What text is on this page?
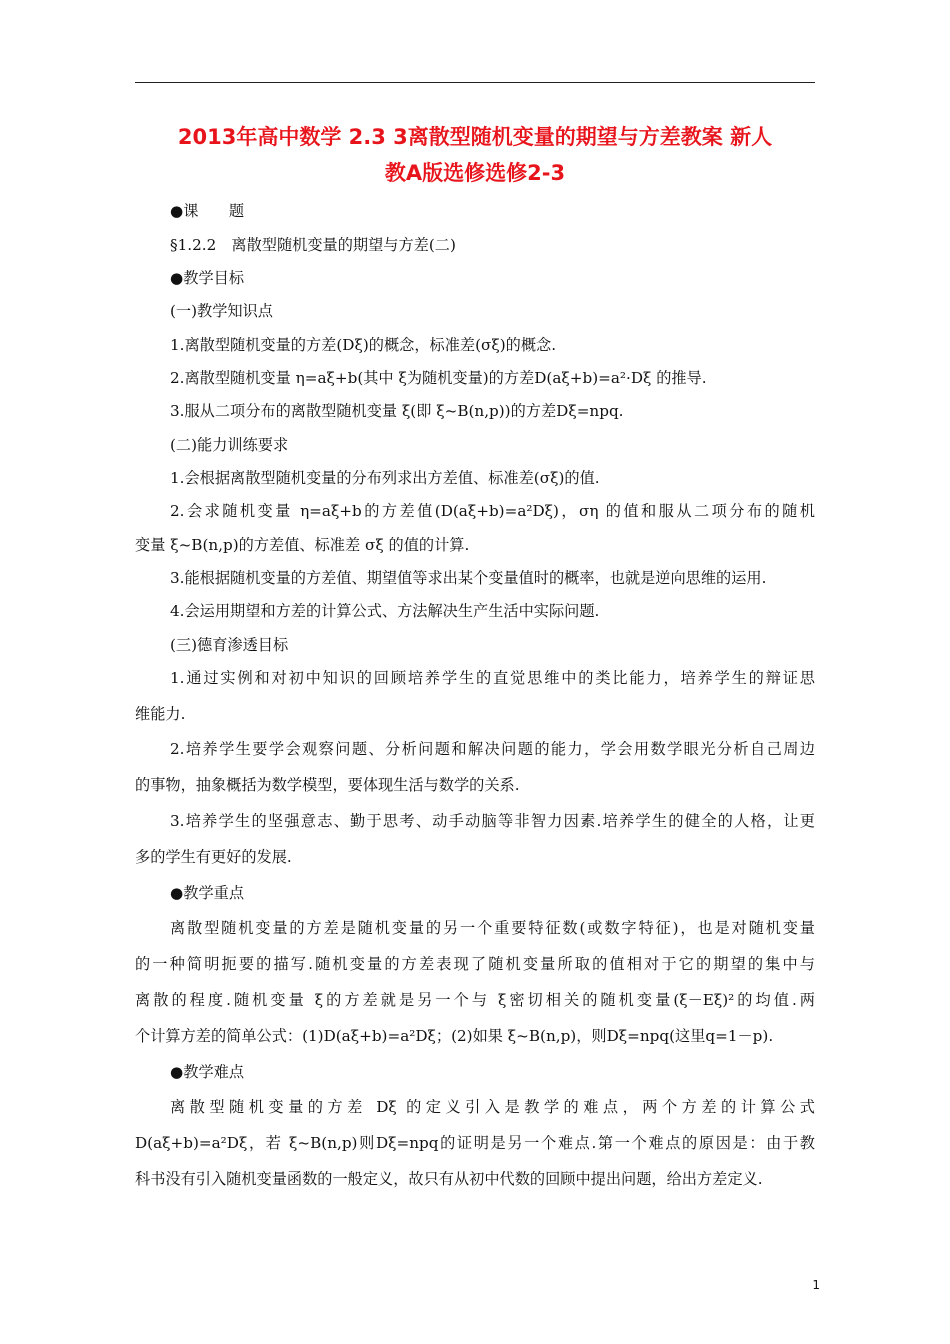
2013年高中数学 2.3 3离散型随机变量的期望与方差教案 新人
教A版选修选修2-3
●课　　题
§1.2.2　离散型随机变量的期望与方差(二)
●教学目标
(一)教学知识点
1.离散型随机变量的方差(Dξ)的概念，标准差(σξ)的概念.
2.离散型随机变量 η=aξ+b(其中 ξ为随机变量)的方差D(aξ+b)=a²·Dξ 的推导.
3.服从二项分布的离散型随机变量 ξ(即 ξ~B(n,p))的方差Dξ=npq.
(二)能力训练要求
1.会根据离散型随机变量的分布列求出方差值、标准差(σξ)的值.
2.会求随机变量 η=aξ+b的方差值(D(aξ+b)=a²Dξ)，ση 的值和服从二项分布的随机
变量 ξ~B(n,p)的方差值、标准差 σξ 的值的计算.
3.能根据随机变量的方差值、期望值等求出某个变量值时的概率，也就是逆向思维的运用.
4.会运用期望和方差的计算公式、方法解决生产生活中实际问题.
(三)德育渗透目标
1.通过实例和对初中知识的回顾培养学生的直觉思维中的类比能力，培养学生的辩证思
维能力.
2.培养学生要学会观察问题、分析问题和解决问题的能力，学会用数学眼光分析自己周边
的事物，抽象概括为数学模型，要体现生活与数学的关系.
3.培养学生的坚强意志、勤于思考、动手动脑等非智力因素.培养学生的健全的人格，让更
多的学生有更好的发展.
●教学重点
离散型随机变量的方差是随机变量的另一个重要特征数(或数字特征)，也是对随机变量
的一种简明扼要的描写.随机变量的方差表现了随机变量所取的值相对于它的期望的集中与
离散的程度.随机变量 ξ的方差就是另一个与 ξ密切相关的随机变量(ξ－Eξ)²的均值.两
个计算方差的简单公式：(1)D(aξ+b)=a²Dξ；(2)如果 ξ~B(n,p)，则Dξ=npq(这里q=1－p).
●教学难点
离散型随机变量的方差 Dξ 的定义引入是教学的难点，两个方差的计算公式
D(aξ+b)=a²Dξ，若 ξ~B(n,p)则Dξ=npq的证明是另一个难点.第一个难点的原因是：由于教
科书没有引入随机变量函数的一般定义，故只有从初中代数的回顾中提出问题，给出方差定义.
1
